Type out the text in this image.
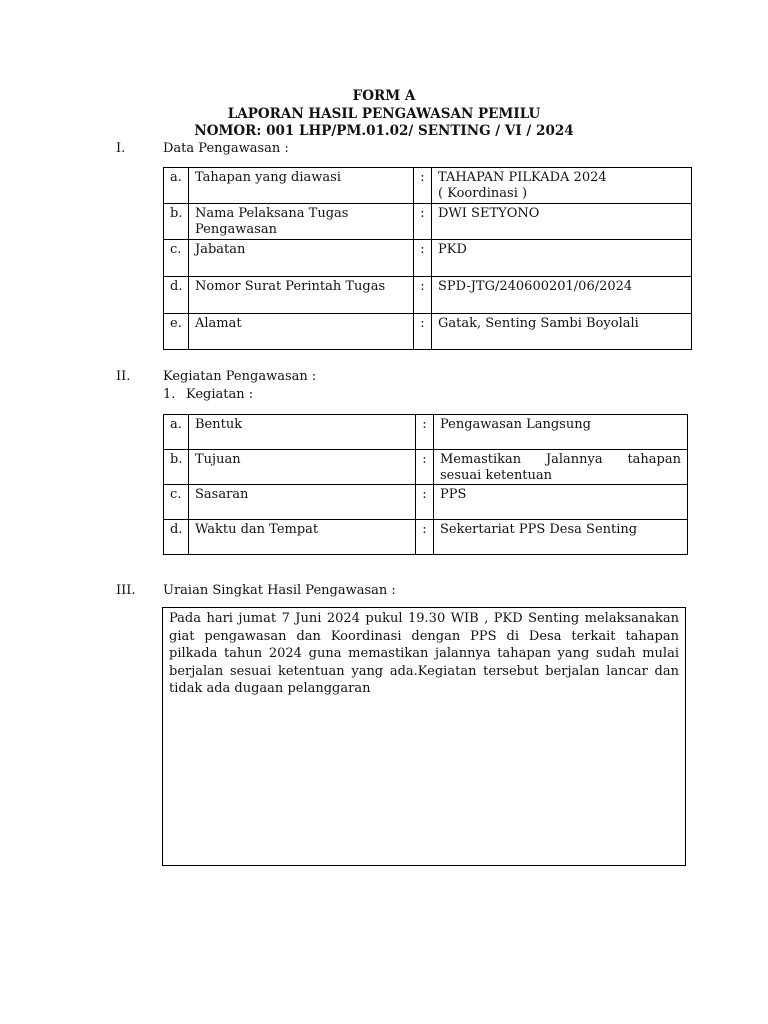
FORM A
LAPORAN HASIL PENGAWASAN PEMILU
NOMOR: 001 LHP/PM.01.02/ SENTING / VI / 2024
I.	Data Pengawasan :
a.	Tahapan yang diawasi	:	TAHAPAN PILKADA 2024
( Koordinasi )

b.	Nama Pelaksana Tugas Pengawasan	:	DWI SETYONO
c.	Jabatan	:	PKD
d.	Nomor Surat Perintah Tugas	:	SPD-JTG/240600201/06/2024
e.	Alamat	:	Gatak, Senting Sambi Boyolali
II.	Kegiatan Pengawasan :
1. Kegiatan :
a.	Bentuk	:	Pengawasan Langsung
b.	Tujuan	:	Memastikan Jalannya tahapan sesuai ketentuan
c.	Sasaran	:	PPS
d.	Waktu dan Tempat	:	Sekertariat PPS Desa Senting
III. Uraian Singkat Hasil Pengawasan :

Pada hari jumat 7 Juni 2024 pukul 19.30 WIB , PKD Senting melaksanakan giat pengawasan dan Koordinasi dengan PPS di Desa terkait tahapan pilkada tahun 2024 guna memastikan jalannya tahapan yang sudah mulai berjalan sesuai ketentuan yang ada.Kegiatan tersebut berjalan lancar dan tidak ada dugaan pelanggaran
